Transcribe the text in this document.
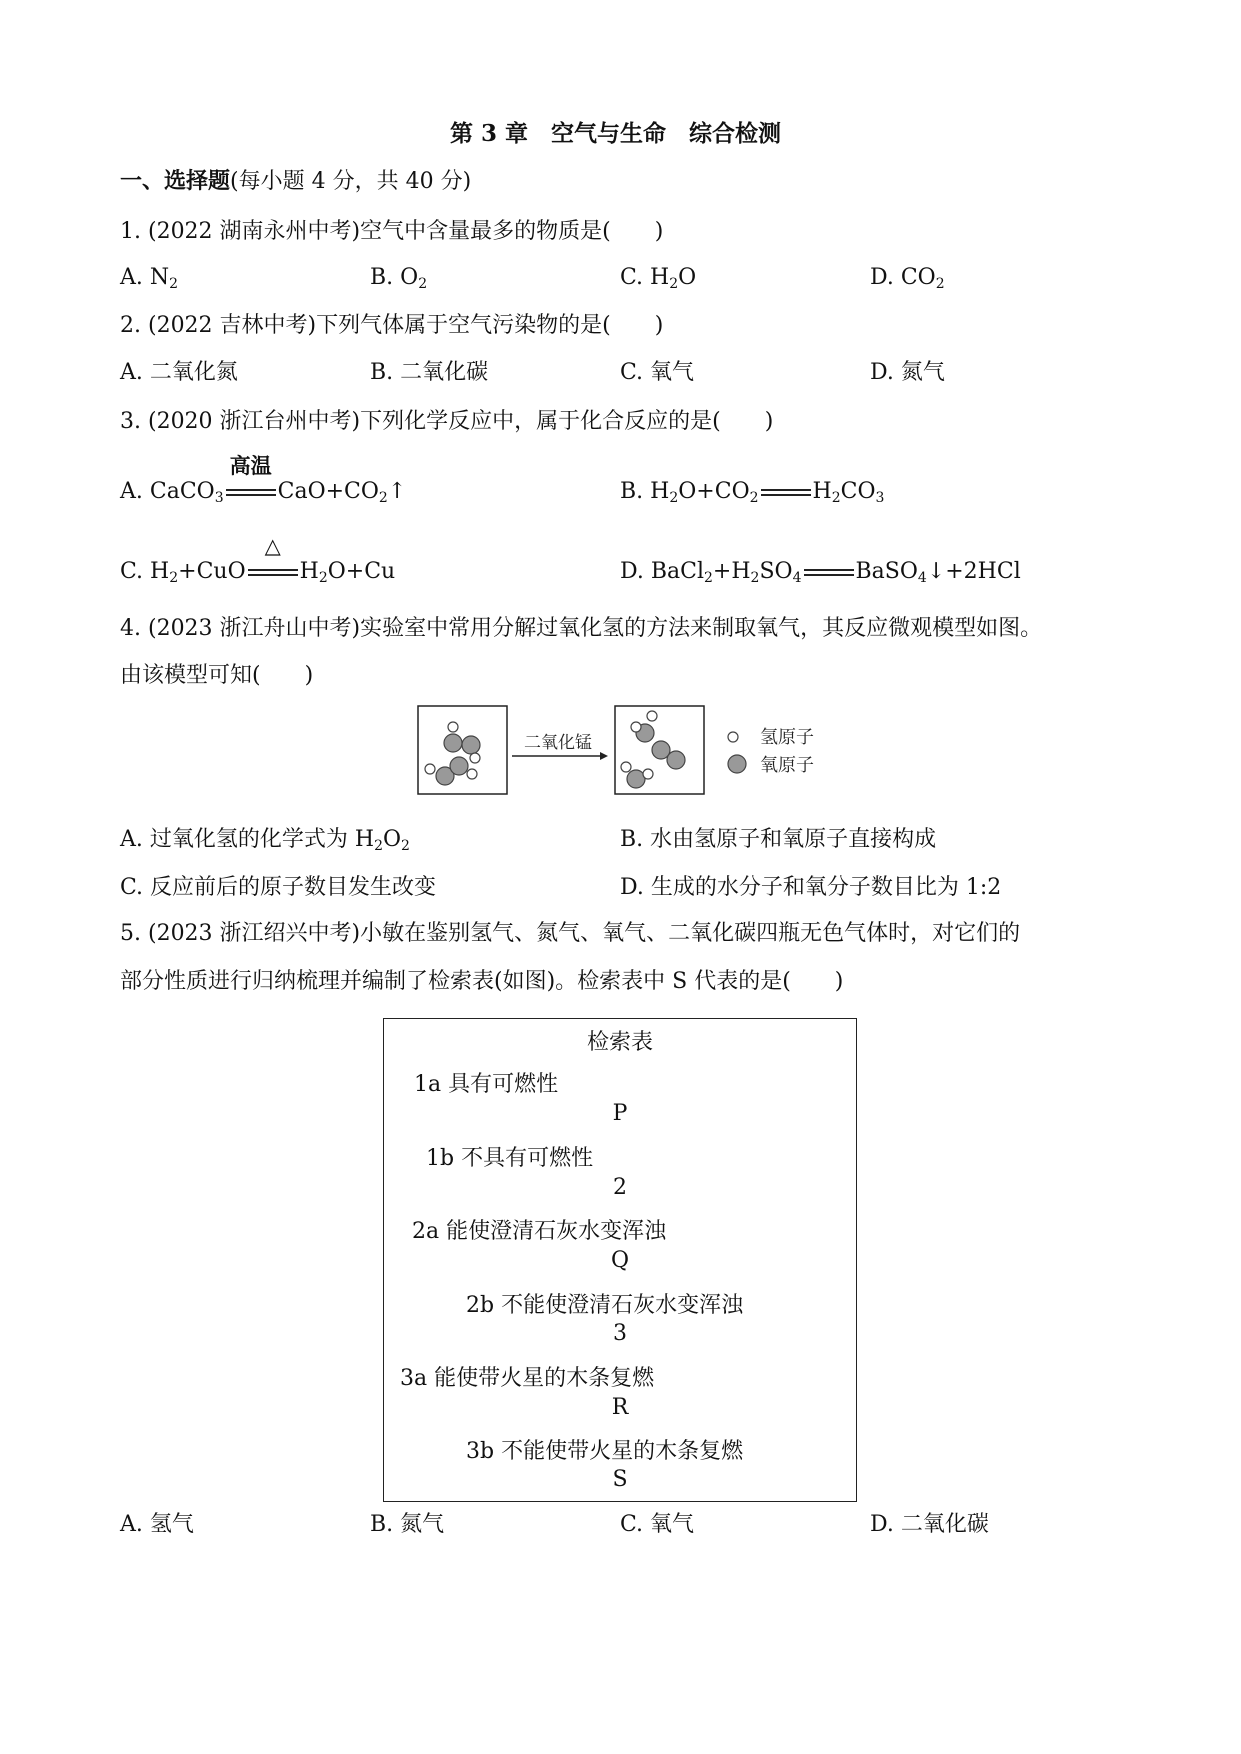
第 3 章　空气与生命　综合检测
一、选择题(每小题 4 分，共 40 分)
1. (2022 湖南永州中考)空气中含量最多的物质是(　　)
A. $N_2$	B. $O_2$	C. $H_2O$	D. $CO_2$
2. (2022 吉林中考)下列气体属于空气污染物的是(　　)
A. 二氧化氮	B. 二氧化碳	C. 氧气	D. 氮气
3. (2020 浙江台州中考)下列化学反应中，属于化合反应的是(　　)
A. CaCO$_3$
高温
$CaO+CO_2↑$	B. $H_2O+CO_2$ $H_2CO_3$
C. $H_2+CuO$
△
$H_2O+Cu$	D. $BaCl_2+H_2SO_4$ BaSO$_4$↓+2HCl
4. (2023 浙江舟山中考)实验室中常用分解过氧化氢的方法来制取氧气，其反应微观模型如图。
由该模型可知(　　)
二氧化锰	氢原子
氧原子
A. 过氧化氢的化学式为 $H_2O_2$	B. 水由氢原子和氧原子直接构成
C. 反应前后的原子数目发生改变	D. 生成的水分子和氧分子数目比为 1:2
5. (2023 浙江绍兴中考)小敏在鉴别氢气、氮气、氧气、二氧化碳四瓶无色气体时，对它们的
部分性质进行归纳梳理并编制了检索表(如图)。检索表中 S 代表的是(　　)
检索表
1a 具有可燃性
P
1b 不具有可燃性
2
2a 能使澄清石灰水变浑浊
Q
2b 不能使澄清石灰水变浑浊
3
3a 能使带火星的木条复燃
R
3b 不能使带火星的木条复燃
S
A. 氢气	B. 氮气	C. 氧气	D. 二氧化碳
